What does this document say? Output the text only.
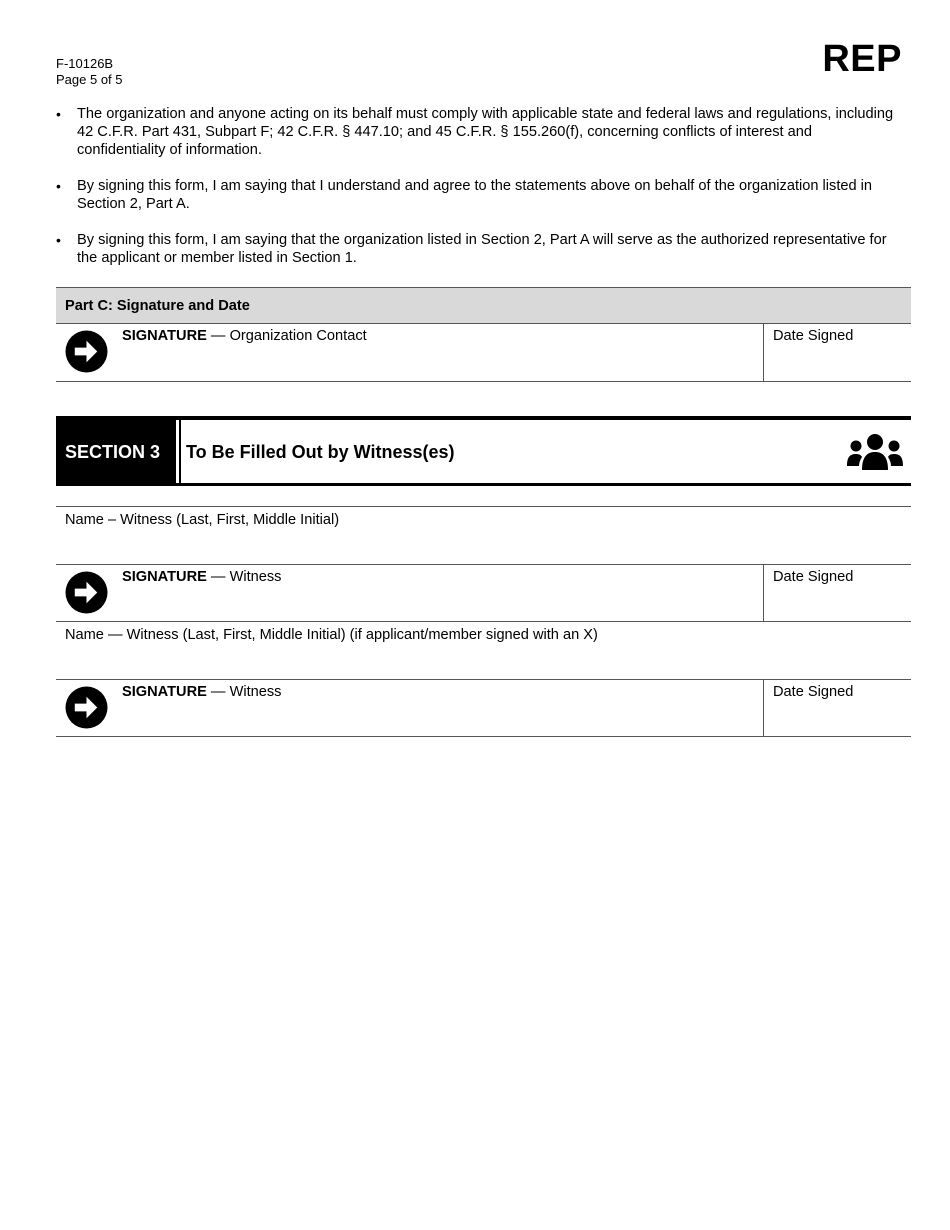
F-10126B
Page 5 of 5	REP
• The organization and anyone acting on its behalf must comply with applicable state and federal laws and regulations, including 42 C.F.R. Part 431, Subpart F; 42 C.F.R. § 447.10; and 45 C.F.R. § 155.260(f), concerning conflicts of interest and confidentiality of information.
• By signing this form, I am saying that I understand and agree to the statements above on behalf of the organization listed in Section 2, Part A.
• By signing this form, I am saying that the organization listed in Section 2, Part A will serve as the authorized representative for the applicant or member listed in Section 1.
Part C: Signature and Date
SIGNATURE — Organization Contact	Date Signed
SECTION 3	To Be Filled Out by Witness(es)
Name – Witness (Last, First, Middle Initial)
SIGNATURE — Witness	Date Signed
Name — Witness (Last, First, Middle Initial) (if applicant/member signed with an X)
SIGNATURE — Witness	Date Signed
